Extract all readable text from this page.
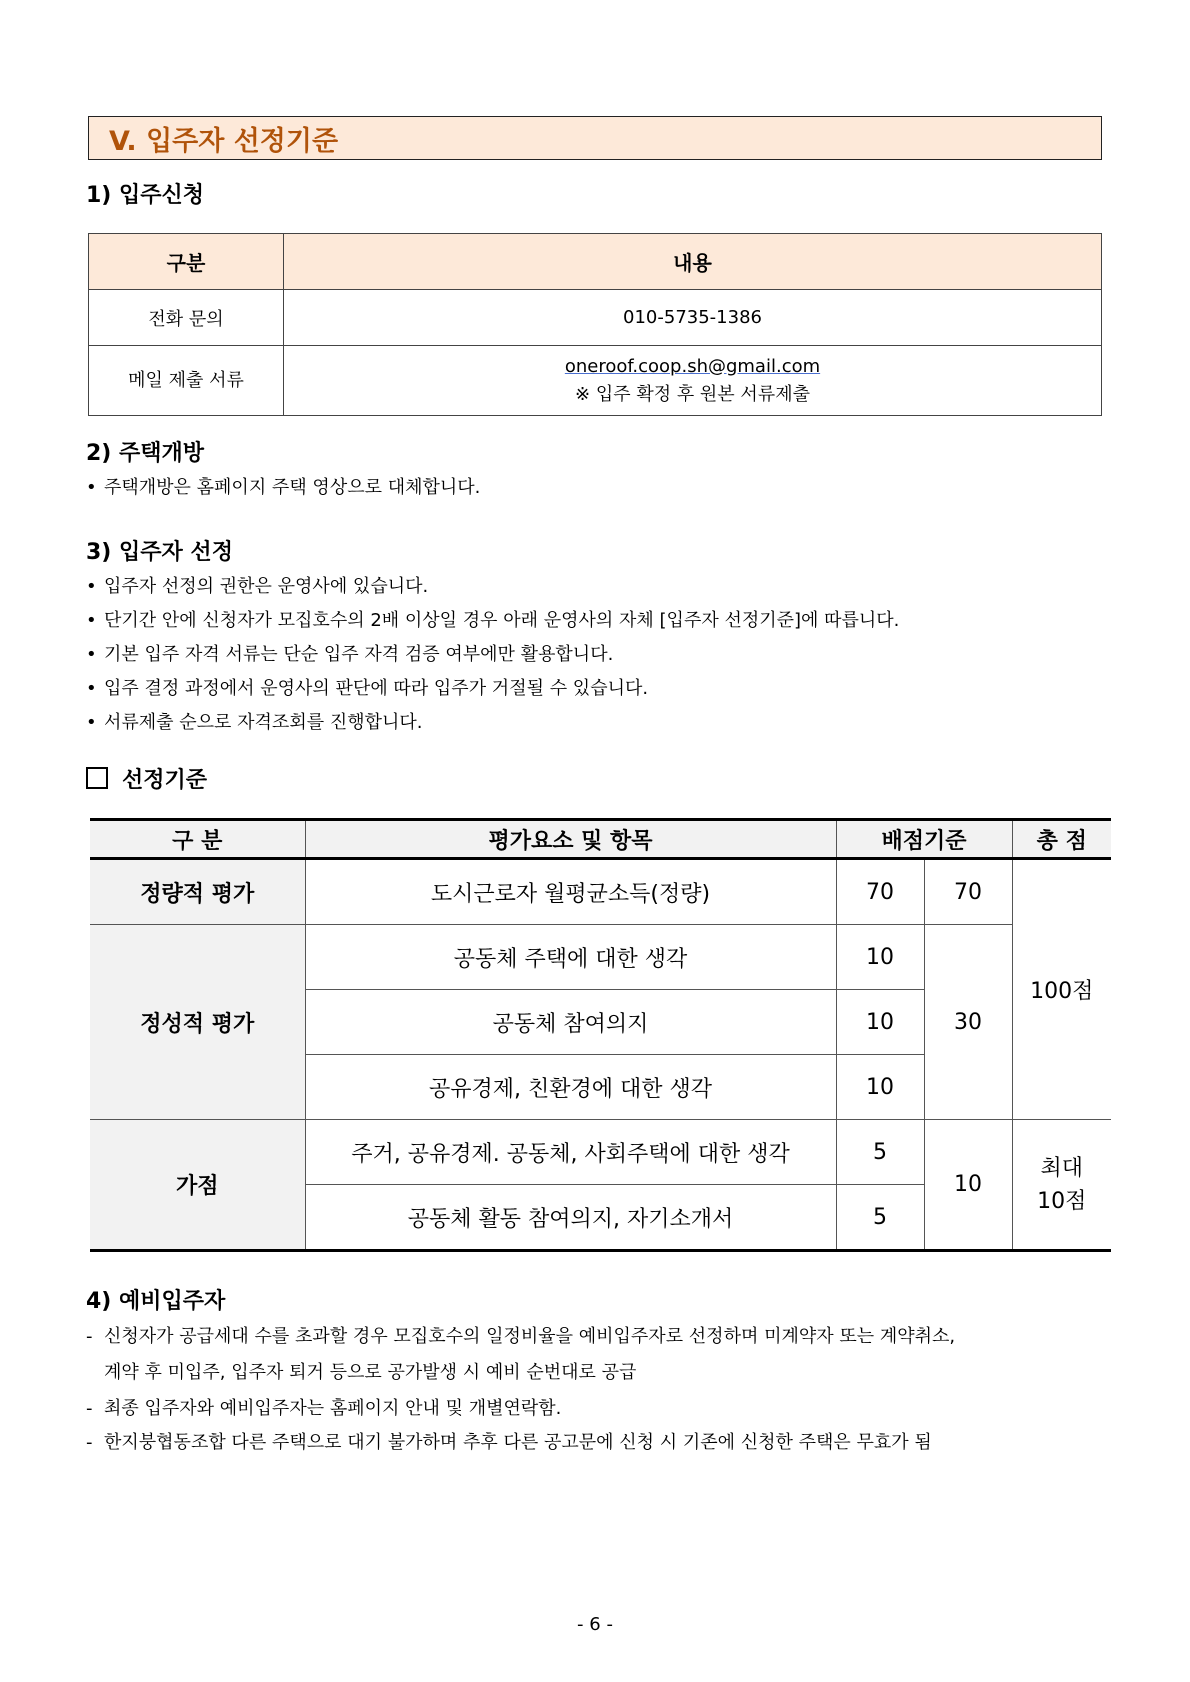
V. 입주자 선정기준
1) 입주신청
구분	내용
전화 문의	010-5735-1386
메일 제출 서류	oneroof.coop.sh@gmail.com
※ 입주 확정 후 원본 서류제출
2) 주택개방
• 주택개방은 홈페이지 주택 영상으로 대체합니다.
3) 입주자 선정
• 입주자 선정의 권한은 운영사에 있습니다.
• 단기간 안에 신청자가 모집호수의 2배 이상일 경우 아래 운영사의 자체 [입주자 선정기준]에 따릅니다.
• 기본 입주 자격 서류는 단순 입주 자격 검증 여부에만 활용합니다.
• 입주 결정 과정에서 운영사의 판단에 따라 입주가 거절될 수 있습니다.
• 서류제출 순으로 자격조회를 진행합니다.
선정기준
구 분	평가요소 및 항목	배점기준		총 점
정량적 평가	도시근로자 월평균소득(정량)	70	70	100점
정성적 평가	공동체 주택에 대한 생각	10	30	
	공동체 참여의지	10		
	공유경제, 친환경에 대한 생각	10		
가점	주거, 공유경제. 공동체, 사회주택에 대한 생각	5	10	최대
10점

	공동체 활동 참여의지, 자기소개서	5		
4) 예비입주자
- 신청자가 공급세대 수를 초과할 경우 모집호수의 일정비율을 예비입주자로 선정하며 미계약자 또는 계약취소,
계약 후 미입주, 입주자 퇴거 등으로 공가발생 시 예비 순번대로 공급
- 최종 입주자와 예비입주자는 홈페이지 안내 및 개별연락함.
- 한지붕협동조합 다른 주택으로 대기 불가하며 추후 다른 공고문에 신청 시 기존에 신청한 주택은 무효가 됨
- 6 -
